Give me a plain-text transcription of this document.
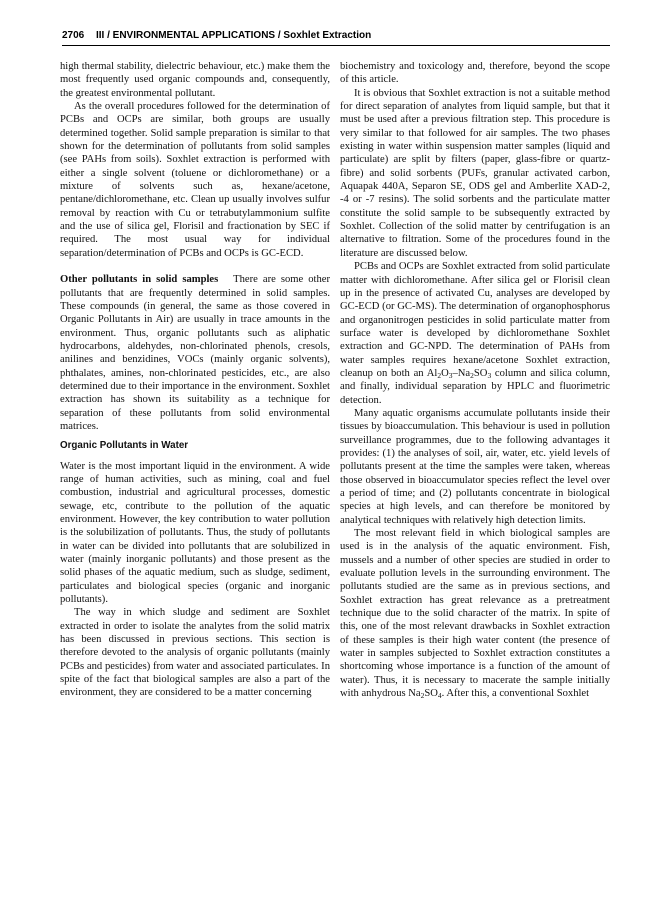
2706 III / ENVIRONMENTAL APPLICATIONS / Soxhlet Extraction

high thermal stability, dielectric behaviour, etc.) make them the most frequently used organic compounds and, consequently, the greatest environmental pollutant.

As the overall procedures followed for the determination of PCBs and OCPs are similar, both groups are usually determined together. Solid sample preparation is similar to that shown for the determination of pollutants from solid samples (see PAHs from soils). Soxhlet extraction is performed with either a single solvent (toluene or dichloromethane) or a mixture of solvents such as, hexane/acetone, pentane/dichloromethane, etc. Clean up usually involves sulfur removal by reaction with Cu or tetrabutylammonium sulfite and the use of silica gel, Florisil and fractionation by SEC if required. The most usual way for individual separation/determination of PCBs and OCPs is GC-ECD.

Other pollutants in solid samples There are some other pollutants that are frequently determined in solid samples. These compounds (in general, the same as those covered in Organic Pollutants in Air) are usually in trace amounts in the environment. Thus, organic pollutants such as aliphatic hydrocarbons, aldehydes, non-chlorinated phenols, cresols, anilines and benzidines, VOCs (mainly organic solvents), phthalates, amines, non-chlorinated pesticides, etc., are also determined due to their importance in the environment. Soxhlet extraction has shown its suitability as a technique for separation of these pollutants from solid environmental matrices.

Organic Pollutants in Water

Water is the most important liquid in the environment. A wide range of human activities, such as mining, coal and fuel combustion, industrial and agricultural processes, domestic sewage, etc, contribute to the pollution of the aquatic environment. However, the key contribution to water pollution is the solubilization of pollutants. Thus, the study of pollutants in water can be divided into pollutants that are solubilized in water (mainly inorganic pollutants) and those present as the solid phases of the aquatic medium, such as sludge, sediment, particulates and biological species (organic and inorganic pollutants).

The way in which sludge and sediment are Soxhlet extracted in order to isolate the analytes from the solid matrix has been discussed in previous sections. This section is therefore devoted to the analysis of organic pollutants (mainly PCBs and pesticides) from water and associated particulates. In spite of the fact that biological samples are also a part of the environment, they are considered to be a matter concerning

biochemistry and toxicology and, therefore, beyond the scope of this article.

It is obvious that Soxhlet extraction is not a suitable method for direct separation of analytes from liquid sample, but that it must be used after a previous filtration step. This procedure is very similar to that followed for air samples. The two phases existing in water within suspension matter samples (liquid and particulate) are split by filters (paper, glass-fibre or quartz-fibre) and solid sorbents (PUFs, granular activated carbon, Aquapak 440A, Separon SE, ODS gel and Amberlite XAD-2, -4 or -7 resins). The solid sorbents and the particulate matter constitute the solid sample to be subsequently extracted by Soxhlet. Collection of the solid matter by centrifugation is an alternative to filtration. Some of the procedures found in the literature are discussed below.

PCBs and OCPs are Soxhlet extracted from solid particulate matter with dichloromethane. After silica gel or Florisil clean up in the presence of activated Cu, analyses are developed by GC-ECD (or GC-MS). The determination of organophosphorus and organonitrogen pesticides in solid particulate matter from surface water is developed by dichloromethane Soxhlet extraction and GC-NPD. The determination of PAHs from water samples requires hexane/acetone Soxhlet extraction, cleanup on both an $Al_2O_3-Na_2SO_3$ column and silica column, and finally, individual separation by HPLC and fluorimetric detection.

Many aquatic organisms accumulate pollutants inside their tissues by bioaccumulation. This behaviour is used in pollution surveillance programmes, due to the following advantages it provides: (1) the analyses of soil, air, water, etc. yield levels of pollutants present at the time the samples were taken, whereas those observed in bioaccumulator species reflect the level over a period of time; and (2) pollutants concentrate in biological species at high levels, and can therefore be monitored by analytical techniques with relatively high detection limits.

The most relevant field in which biological samples are used is in the analysis of the aquatic environment. Fish, mussels and a number of other species are studied in order to evaluate pollution levels in the surrounding environment. The pollutants studied are the same as in previous sections, and Soxhlet extraction has great relevance as a pretreatment technique due to the solid character of the matrix. In spite of this, one of the most relevant drawbacks in Soxhlet extraction of these samples is their high water content (the presence of water in samples subjected to Soxhlet extraction constitutes a shortcoming whose importance is a function of the amount of water). Thus, it is necessary to macerate the sample initially with anhydrous $Na_2SO_4$. After this, a conventional Soxhlet
